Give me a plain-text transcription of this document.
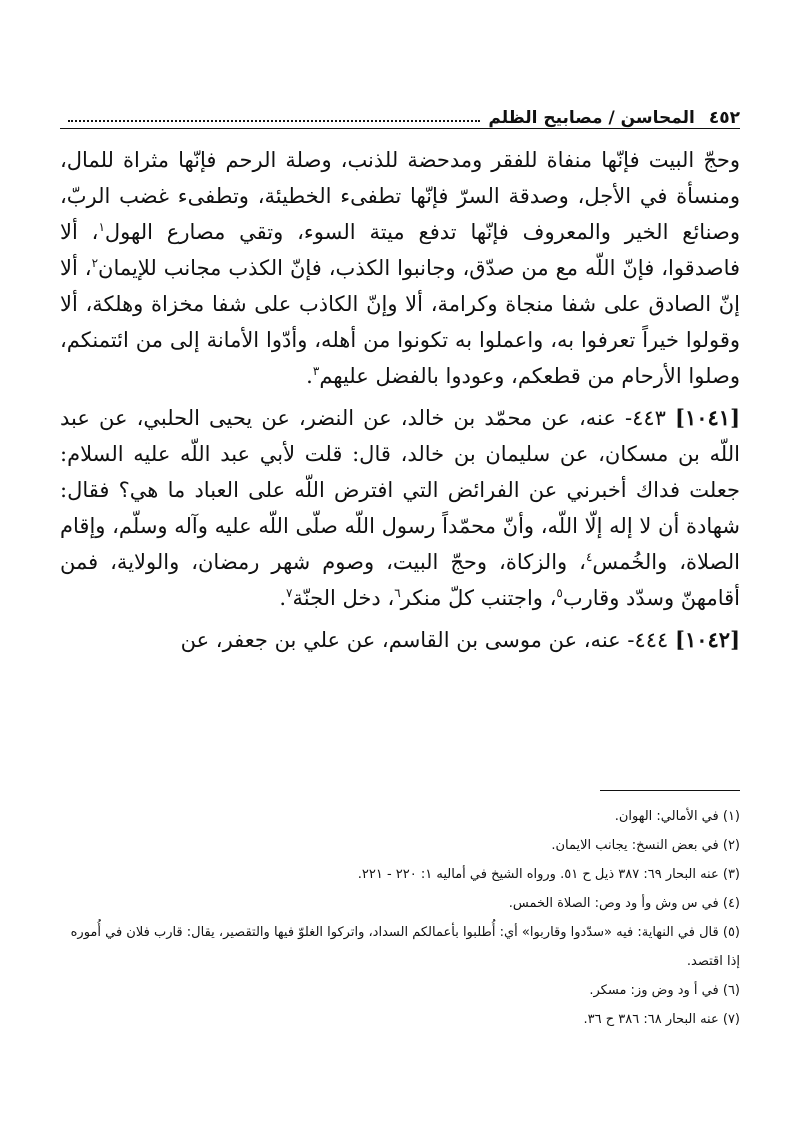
٤٥٢
المحاسن / مصابيح الظلم

وحجّ البيت فإنّها منفاة للفقر ومدحضة للذنب، وصلة الرحم فإنّها مثراة للمال، ومنسأة في الأجل، وصدقة السرّ فإنّها تطفىء الخطيئة، وتطفىء غضب الربّ، وصنائع الخير والمعروف فإنّها تدفع ميتة السوء، وتقي مصارع الهول$^١$، ألا فاصدقوا، فإنّ اللّه مع من صدّق، وجانبوا الكذب، فإنّ الكذب مجانب للإيمان$^٢$، ألا إنّ الصادق على شفا منجاة وكرامة، ألا وإنّ الكاذب على شفا مخزاة وهلكة، ألا وقولوا خيراً تعرفوا به، واعملوا به تكونوا من أهله، وأدّوا الأمانة إلى من ائتمنكم، وصلوا الأرحام من قطعكم، وعودوا بالفضل عليهم$^٣$.

[١٠٤١] ٤٤٣- عنه، عن محمّد بن خالد، عن النضر، عن يحيى الحلبي، عن عبد اللّه بن مسكان، عن سليمان بن خالد، قال: قلت لأبي عبد اللّه عليه السلام: جعلت فداك أخبرني عن الفرائض التي افترض اللّه على العباد ما هي؟ فقال: شهادة أن لا إله إلّا اللّه، وأنّ محمّداً رسول اللّه صلّى اللّه عليه وآله وسلّم، وإقام الصلاة، والخُمس$^٤$، والزكاة، وحجّ البيت، وصوم شهر رمضان، والولاية، فمن أقامهنّ وسدّد وقارب$^٥$، واجتنب كلّ منكر$^٦$، دخل الجنّة$^٧$.

[١٠٤٢] ٤٤٤- عنه، عن موسى بن القاسم، عن علي بن جعفر، عن

(١) في الأمالي: الهوان.
(٢) في بعض النسخ: يجانب الايمان.
(٣) عنه البحار ٦٩: ٣٨٧ ذيل ح ٥١. ورواه الشيخ في أماليه ١: ٢٢٠ - ٢٢١.
(٤) في س وش وأ ود وص: الصلاة الخمس.
(٥) قال في النهاية: فيه «سدّدوا وقاربوا» أي: أُطلبوا بأعمالكم السداد، واتركوا الغلوّ فيها والتقصير، يقال: قارب فلان في أُموره إذا اقتصد.
(٦) في أ ود وض وز: مسكر.
(٧) عنه البحار ٦٨: ٣٨٦ ح ٣٦.
